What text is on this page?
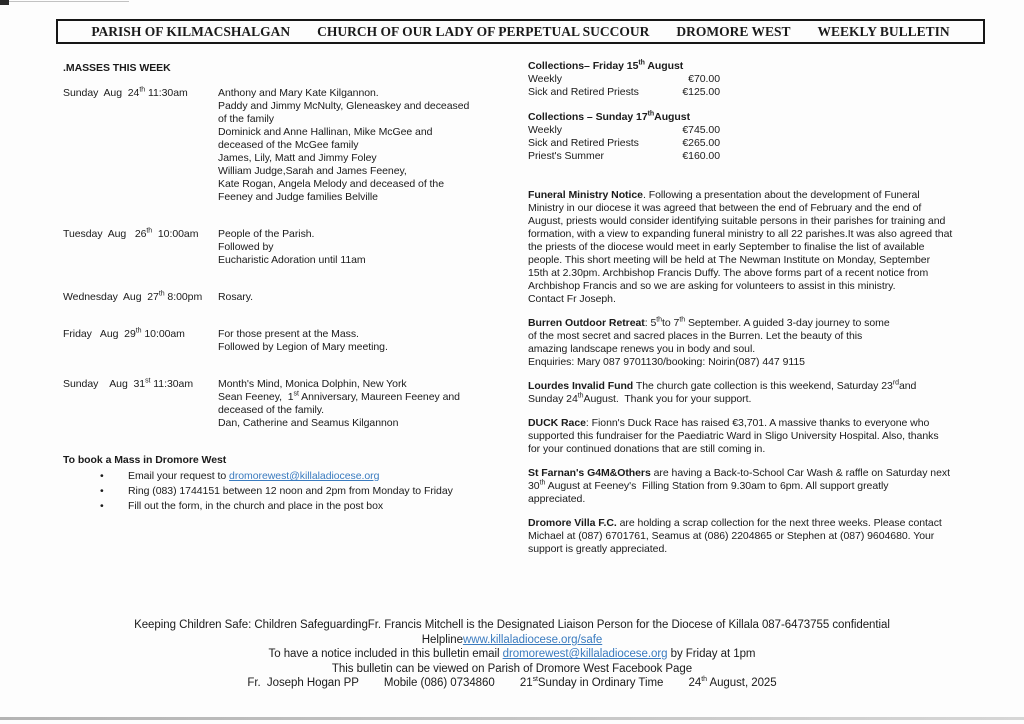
PARISH OF KILMACSHALGAN CHURCH OF OUR LADY OF PERPETUAL SUCCOUR DROMORE WEST WEEKLY BULLETIN
.MASSES THIS WEEK
Sunday  Aug  24th 11:30am	Anthony and Mary Kate Kilgannon.
Paddy and Jimmy McNulty, Gleneaskey and deceased
of the family
Dominick and Anne Hallinan, Mike McGee and
deceased of the McGee family
James, Lily, Matt and Jimmy Foley
William Judge,Sarah and James Feeney,
Kate Rogan, Angela Melody and deceased of the
Feeney and Judge families Belville
Tuesday  Aug   26th  10:00am	People of the Parish.
Followed by
Eucharistic Adoration until 11am
Wednesday  Aug  27th 8:00pm	Rosary.
Friday   Aug  29th 10:00am	For those present at the Mass.
Followed by Legion of Mary meeting.
Sunday    Aug  31st 11:30am	Month's Mind, Monica Dolphin, New York
Sean Feeney,  1st Anniversary, Maureen Feeney and
deceased of the family.
Dan, Catherine and Seamus Kilgannon
To book a Mass in Dromore West
•	Email your request to dromorewest@killaladiocese.org
•	Ring (083) 1744151 between 12 noon and 2pm from Monday to Friday
•	Fill out the form, in the church and place in the post box
Collections– Friday 15th August
Weekly	€70.00
Sick and Retired Priests	€125.00
Collections – Sunday 17thAugust
Weekly	€745.00
Sick and Retired Priests	€265.00
Priest's Summer	€160.00
Funeral Ministry Notice. Following a presentation about the development of Funeral
Ministry in our diocese it was agreed that between the end of February and the end of
August, priests would consider identifying suitable persons in their parishes for training and
formation, with a view to expanding funeral ministry to all 22 parishes.It was also agreed that
the priests of the diocese would meet in early September to finalise the list of available
people. This short meeting will be held at The Newman Institute on Monday, September
15th at 2.30pm. Archbishop Francis Duffy. The above forms part of a recent notice from
Archbishop Francis and so we are asking for volunteers to assist in this ministry.
Contact Fr Joseph.
Burren Outdoor Retreat: 5thto 7th September. A guided 3-day journey to some
of the most secret and sacred places in the Burren. Let the beauty of this
amazing landscape renews you in body and soul.
Enquiries: Mary 087 9701130/booking: Noirin(087) 447 9115
Lourdes Invalid Fund The church gate collection is this weekend, Saturday 23rdand
Sunday 24thAugust.  Thank you for your support.
DUCK Race: Fionn's Duck Race has raised €3,701. A massive thanks to everyone who
supported this fundraiser for the Paediatric Ward in Sligo University Hospital. Also, thanks
for your continued donations that are still coming in.
St Farnan's G4M&Others are having a Back-to-School Car Wash & raffle on Saturday next
30th August at Feeney's  Filling Station from 9.30am to 6pm. All support greatly
appreciated.
Dromore Villa F.C. are holding a scrap collection for the next three weeks. Please contact
Michael at (087) 6701761, Seamus at (086) 2204865 or Stephen at (087) 9604680. Your
support is greatly appreciated.
Keeping Children Safe: Children SafeguardingFr. Francis Mitchell is the Designated Liaison Person for the Diocese of Killala 087-6473755 confidential
Helplinewww.killaladiocese.org/safe
To have a notice included in this bulletin email dromorewest@killaladiocese.org by Friday at 1pm
This bulletin can be viewed on Parish of Dromore West Facebook Page
Fr.  Joseph Hogan PP        Mobile (086) 0734860        21stSunday in Ordinary Time        24th August, 2025
